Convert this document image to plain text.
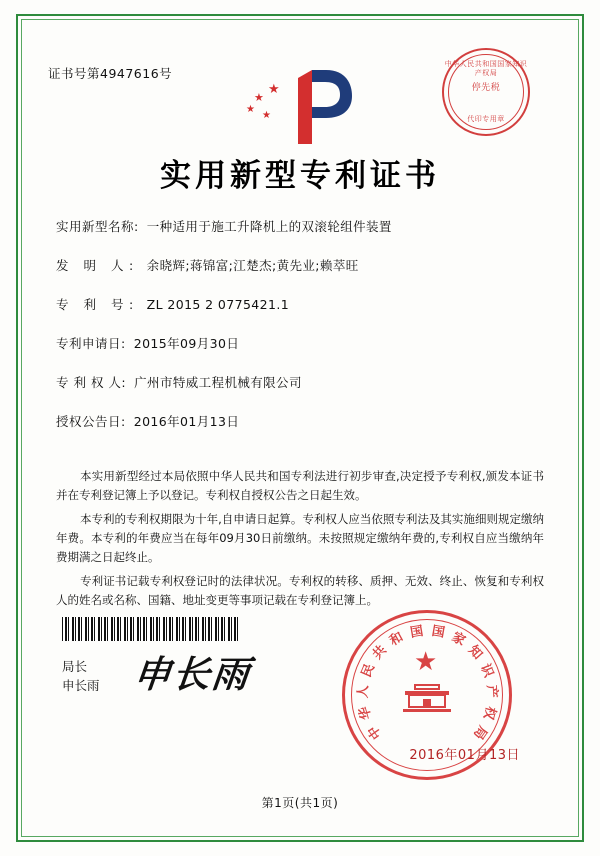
证书号第4947616号
中华人民共和国国家知识产权局
停先税
代印专用章
★
★
★
★
实用新型专利证书
实用新型名称: 一种适用于施工升降机上的双滚轮组件装置
发 明 人: 余晓辉;蒋锦富;江楚杰;黄先业;赖萃旺
专 利 号: ZL 2015 2 0775421.1
专利申请日: 2015年09月30日
专 利 权 人: 广州市特威工程机械有限公司
授权公告日: 2016年01月13日

本实用新型经过本局依照中华人民共和国专利法进行初步审查,决定授予专利权,颁发本证书并在专利登记簿上予以登记。专利权自授权公告之日起生效。

本专利的专利权期限为十年,自申请日起算。专利权人应当依照专利法及其实施细则规定缴纳年费。本专利的年费应当在每年09月30日前缴纳。未按照规定缴纳年费的,专利权自应当缴纳年费期满之日起终止。

专利证书记载专利权登记时的法律状况。专利权的转移、质押、无效、终止、恢复和专利权人的姓名或名称、国籍、地址变更等事项记载在专利登记簿上。

局长
申长雨 申长雨	★
中
华
人
民
共
和 国 国 家
知
识
产
权
局
2016年01月13日
第1页(共1页)
